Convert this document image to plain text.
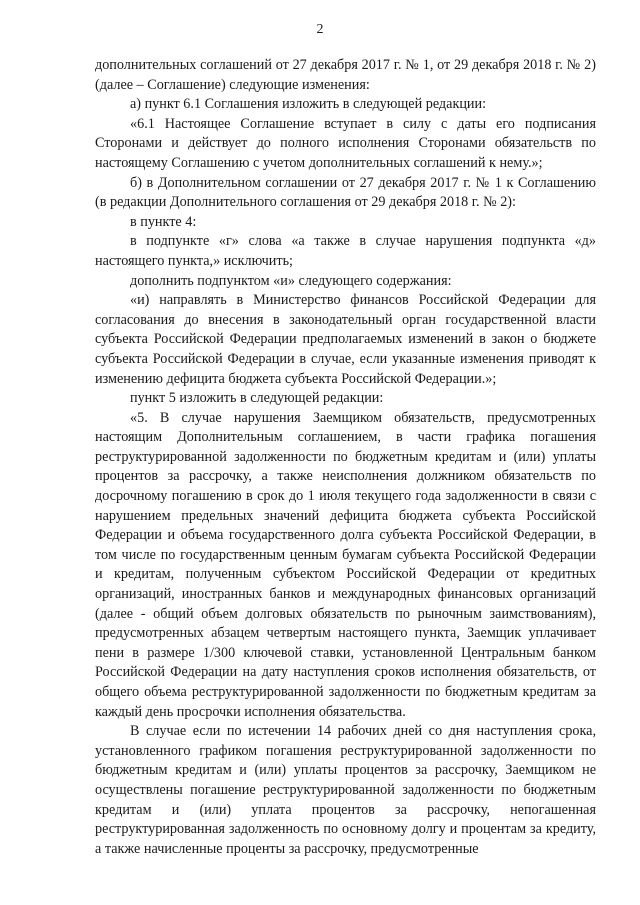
2

дополнительных соглашений от 27 декабря 2017 г. № 1, от 29 декабря 2018 г. № 2) (далее – Соглашение) следующие изменения:

а) пункт 6.1 Соглашения изложить в следующей редакции:

«6.1 Настоящее Соглашение вступает в силу с даты его подписания Сторонами и действует до полного исполнения Сторонами обязательств по настоящему Соглашению с учетом дополнительных соглашений к нему.»;

б) в Дополнительном соглашении от 27 декабря 2017 г. № 1 к Соглашению (в редакции Дополнительного соглашения от 29 декабря 2018 г. № 2):

в пункте 4:

в подпункте «г» слова «а также в случае нарушения подпункта «д» настоящего пункта,» исключить;

дополнить подпунктом «и» следующего содержания:

«и) направлять в Министерство финансов Российской Федерации для согласования до внесения в законодательный орган государственной власти субъекта Российской Федерации предполагаемых изменений в закон о бюджете субъекта Российской Федерации в случае, если указанные изменения приводят к изменению дефицита бюджета субъекта Российской Федерации.»;

пункт 5 изложить в следующей редакции:

«5. В случае нарушения Заемщиком обязательств, предусмотренных настоящим Дополнительным соглашением, в части графика погашения реструктурированной задолженности по бюджетным кредитам и (или) уплаты процентов за рассрочку, а также неисполнения должником обязательств по досрочному погашению в срок до 1 июля текущего года задолженности в связи с нарушением предельных значений дефицита бюджета субъекта Российской Федерации и объема государственного долга субъекта Российской Федерации, в том числе по государственным ценным бумагам субъекта Российской Федерации и кредитам, полученным субъектом Российской Федерации от кредитных организаций, иностранных банков и международных финансовых организаций (далее - общий объем долговых обязательств по рыночным заимствованиям), предусмотренных абзацем четвертым настоящего пункта, Заемщик уплачивает пени в размере 1/300 ключевой ставки, установленной Центральным банком Российской Федерации на дату наступления сроков исполнения обязательств, от общего объема реструктурированной задолженности по бюджетным кредитам за каждый день просрочки исполнения обязательства.

В случае если по истечении 14 рабочих дней со дня наступления срока, установленного графиком погашения реструктурированной задолженности по бюджетным кредитам и (или) уплаты процентов за рассрочку, Заемщиком не осуществлены погашение реструктурированной задолженности по бюджетным кредитам и (или) уплата процентов за рассрочку, непогашенная реструктурированная задолженность по основному долгу и процентам за кредиту, а также начисленные проценты за рассрочку, предусмотренные
